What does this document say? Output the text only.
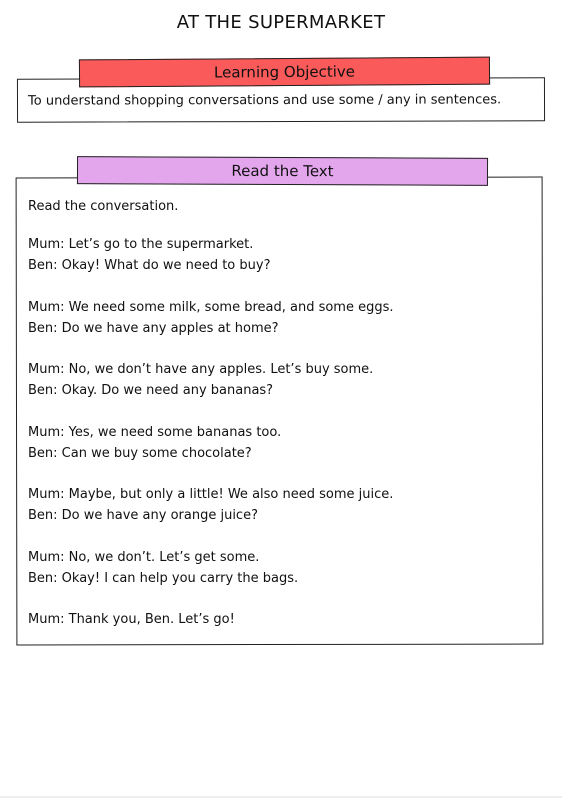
AT THE SUPERMARKET
To understand shopping conversations and use some / any in sentences.
Learning Objective
Read the Text
Read the conversation.
Mum: Let’s go to the supermarket.
Ben: Okay! What do we need to buy?
Mum: We need some milk, some bread, and some eggs.
Ben: Do we have any apples at home?
Mum: No, we don’t have any apples. Let’s buy some.
Ben: Okay. Do we need any bananas?
Mum: Yes, we need some bananas too.
Ben: Can we buy some chocolate?
Mum: Maybe, but only a little! We also need some juice.
Ben: Do we have any orange juice?
Mum: No, we don’t. Let’s get some.
Ben: Okay! I can help you carry the bags.
Mum: Thank you, Ben. Let’s go!
